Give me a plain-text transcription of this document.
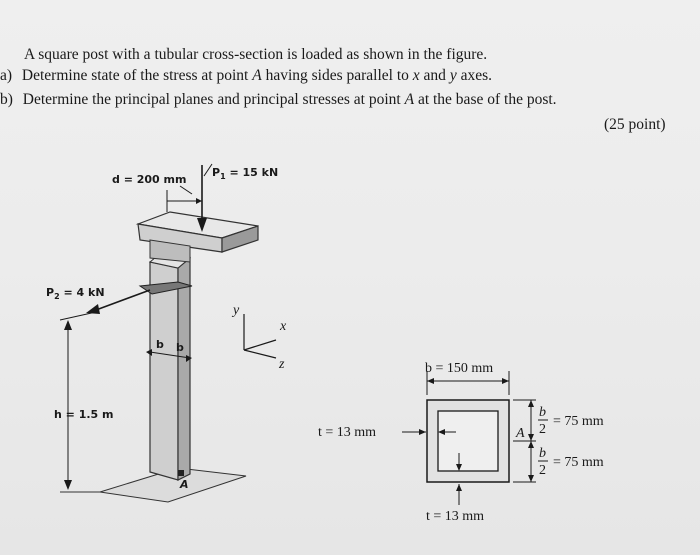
A square post with a tubular cross-section is loaded as shown in the figure.
a) Determine state of the stress at point A having sides parallel to x and y axes.
b) Determine the principal planes and principal stresses at point A at the base of the post.
(25 point)
b b
A
d = 200 mm
$P_1 = 15$ kN
$P_2 = 4$ kN
h = 1.5 m
y
x
z
A
b = 150 mm
t = 13 mm
t = 13 mm
b
2
= 75 mm
b
2
= 75 mm
